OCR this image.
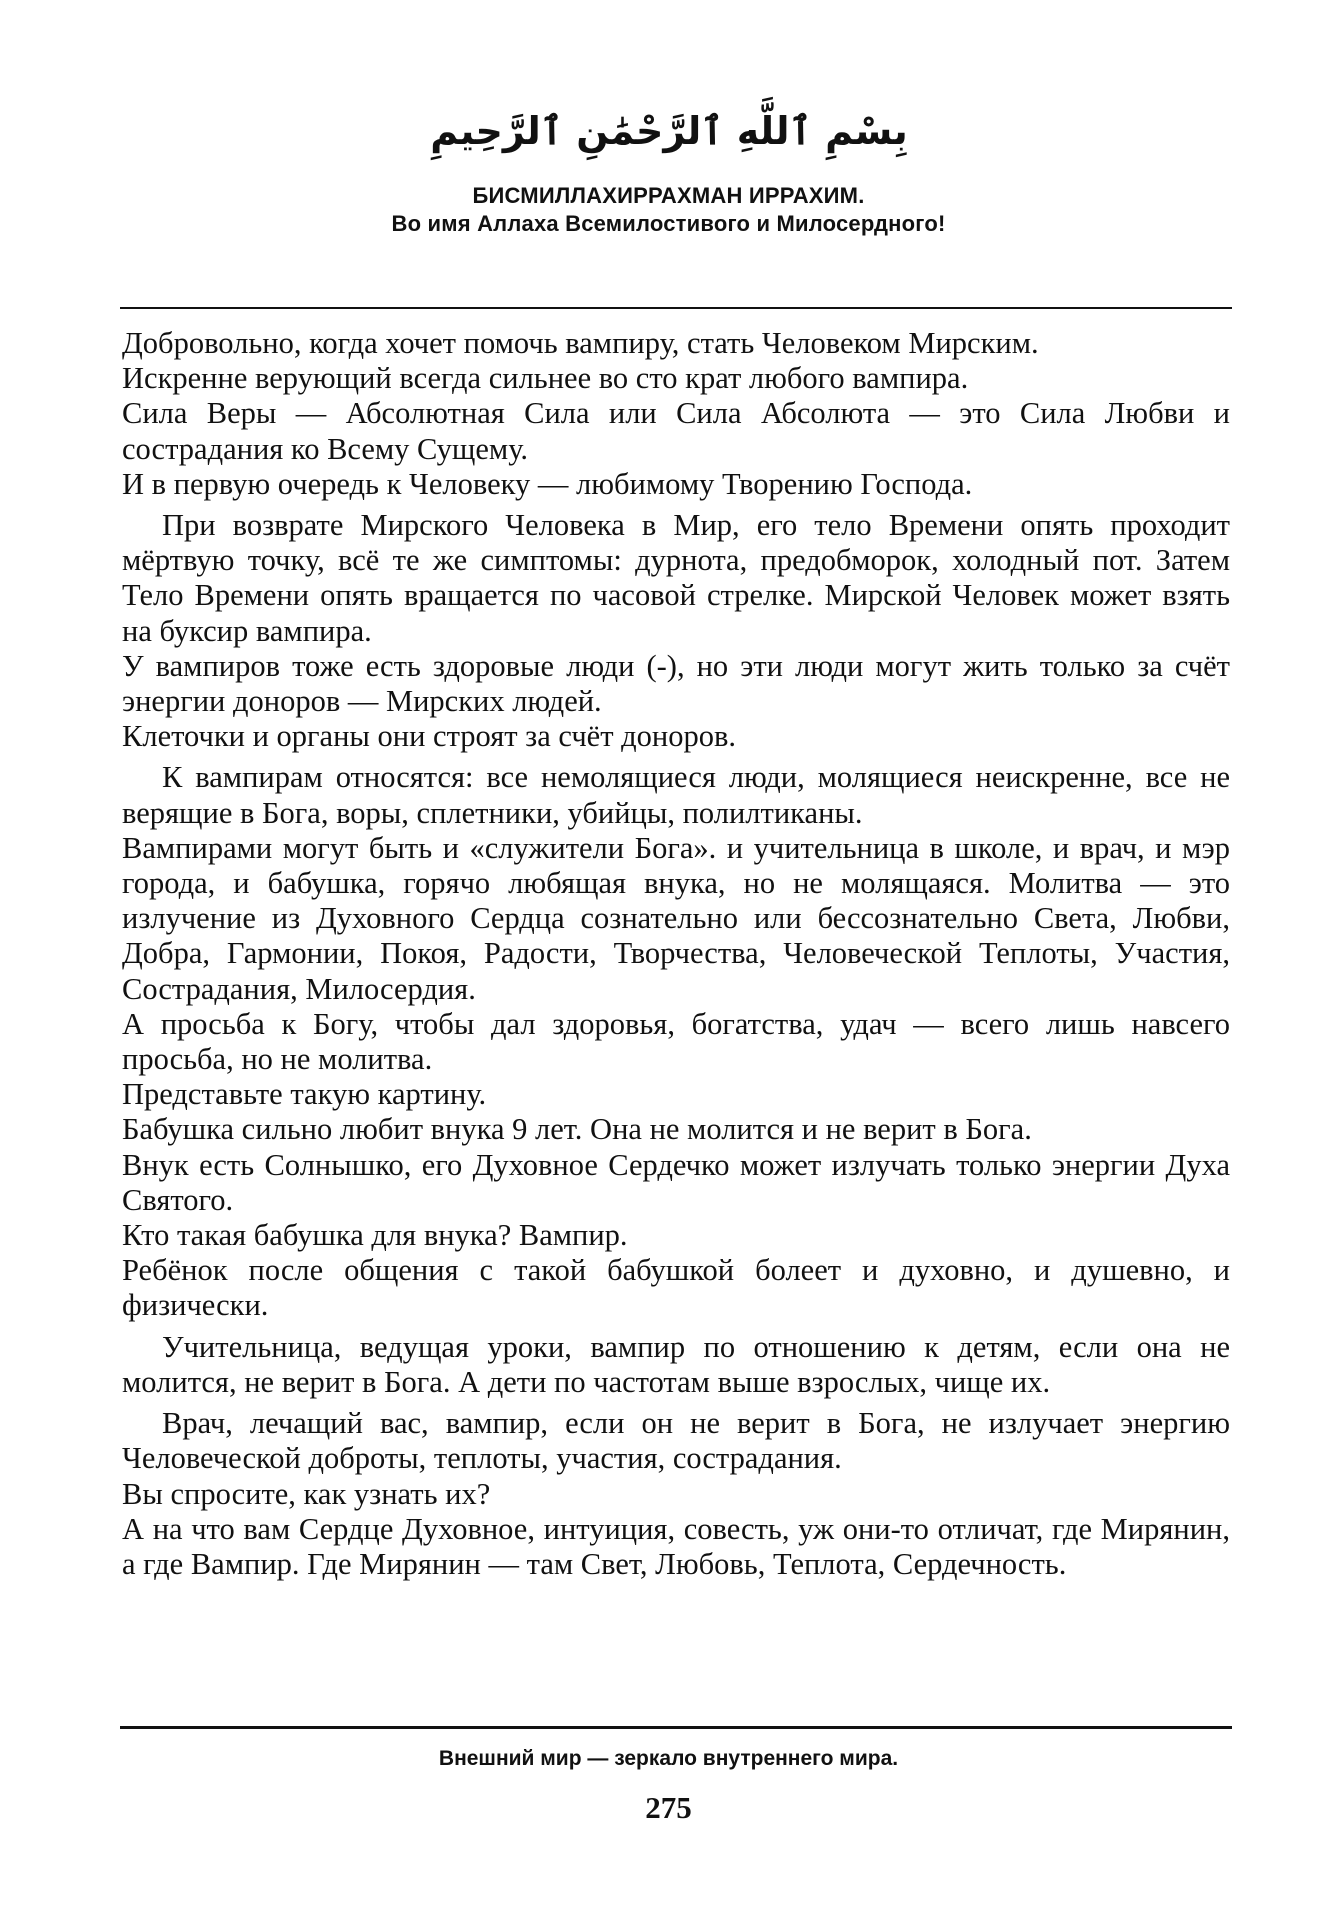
بِسْمِ ٱللَّهِ ٱلرَّحْمَٰنِ ٱلرَّحِيمِ

БИСМИЛЛАХИРРАХМАН ИРРАХИМ.

Во имя Аллаха Всемилостивого и Милосердного!

Добровольно, когда хочет помочь вампиру, стать Человеком Мирским.

Искренне верующий всегда сильнее во сто крат любого вампира.

Сила Веры — Абсолютная Сила или Сила Абсолюта — это Сила Любви и сострадания ко Всему Сущему.

И в первую очередь к Человеку — любимому Творению Господа.

При возврате Мирского Человека в Мир, его тело Времени опять проходит мёртвую точку, всё те же симптомы: дурнота, предобморок, холодный пот. Затем Тело Времени опять вращается по часовой стрелке. Мирской Человек может взять на буксир вампира.

У вампиров тоже есть здоровые люди (-), но эти люди могут жить только за счёт энергии доноров — Мирских людей.

Клеточки и органы они строят за счёт доноров.

К вампирам относятся: все немолящиеся люди, молящиеся неискренне, все не верящие в Бога, воры, сплетники, убийцы, полилтиканы.

Вампирами могут быть и «служители Бога». и учительница в школе, и врач, и мэр города, и бабушка, горячо любящая внука, но не молящаяся. Молитва — это излучение из Духовного Сердца сознательно или бессознательно Света, Любви, Добра, Гармонии, Покоя, Радости, Творчества, Человеческой Теплоты, Участия, Сострадания, Милосердия.

А просьба к Богу, чтобы дал здоровья, богатства, удач — всего лишь навсего просьба, но не молитва.

Представьте такую картину.

Бабушка сильно любит внука 9 лет. Она не молится и не верит в Бога.

Внук есть Солнышко, его Духовное Сердечко может излучать только энергии Духа Святого.

Кто такая бабушка для внука? Вампир.

Ребёнок после общения с такой бабушкой болеет и духовно, и душевно, и физически.

Учительница, ведущая уроки, вампир по отношению к детям, если она не молится, не верит в Бога. А дети по частотам выше взрослых, чище их.

Врач, лечащий вас, вампир, если он не верит в Бога, не излучает энергию Человеческой доброты, теплоты, участия, сострадания.

Вы спросите, как узнать их?

А на что вам Сердце Духовное, интуиция, совесть, уж они-то отличат, где Мирянин, а где Вампир. Где Мирянин — там Свет, Любовь, Теплота, Сердечность.

Внешний мир — зеркало внутреннего мира.

275
